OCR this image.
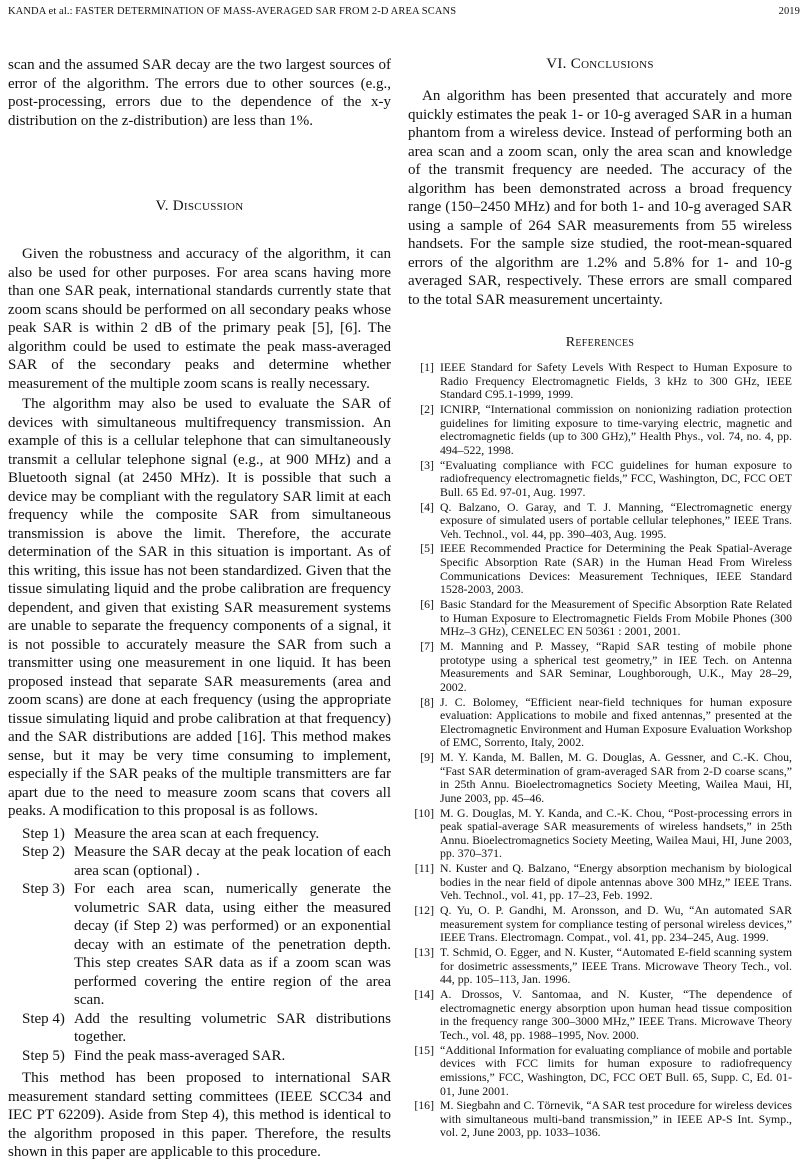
KANDA et al.: FASTER DETERMINATION OF MASS-AVERAGED SAR FROM 2-D AREA SCANS	2019

scan and the assumed SAR decay are the two largest sources of error of the algorithm. The errors due to other sources (e.g., post-processing, errors due to the dependence of the x-y distribution on the z-distribution) are less than 1%.

V. Discussion

Given the robustness and accuracy of the algorithm, it can also be used for other purposes. For area scans having more than one SAR peak, international standards currently state that zoom scans should be performed on all secondary peaks whose peak SAR is within 2 dB of the primary peak [5], [6]. The algorithm could be used to estimate the peak mass-averaged SAR of the secondary peaks and determine whether measurement of the multiple zoom scans is really necessary.

The algorithm may also be used to evaluate the SAR of devices with simultaneous multifrequency transmission. An example of this is a cellular telephone that can simultaneously transmit a cellular telephone signal (e.g., at 900 MHz) and a Bluetooth signal (at 2450 MHz). It is possible that such a device may be compliant with the regulatory SAR limit at each frequency while the composite SAR from simultaneous transmission is above the limit. Therefore, the accurate determination of the SAR in this situation is important. As of this writing, this issue has not been standardized. Given that the tissue simulating liquid and the probe calibration are frequency dependent, and given that existing SAR measurement systems are unable to separate the frequency components of a signal, it is not possible to accurately measure the SAR from such a transmitter using one measurement in one liquid. It has been proposed instead that separate SAR measurements (area and zoom scans) are done at each frequency (using the appropriate tissue simulating liquid and probe calibration at that frequency) and the SAR distributions are added [16]. This method makes sense, but it may be very time consuming to implement, especially if the SAR peaks of the multiple transmitters are far apart due to the need to measure zoom scans that covers all peaks. A modification to this proposal is as follows.

Step 1) Measure the area scan at each frequency.
Step 2) Measure the SAR decay at the peak location of each area scan (optional) .
Step 3) For each area scan, numerically generate the volumetric SAR data, using either the measured decay (if Step 2) was performed) or an exponential decay with an estimate of the penetration depth. This step creates SAR data as if a zoom scan was performed covering the entire region of the area scan.
Step 4) Add the resulting volumetric SAR distributions together.
Step 5) Find the peak mass-averaged SAR.

This method has been proposed to international SAR measurement standard setting committees (IEEE SCC34 and IEC PT 62209). Aside from Step 4), this method is identical to the algorithm proposed in this paper. Therefore, the results shown in this paper are applicable to this procedure.

VI. Conclusions

An algorithm has been presented that accurately and more quickly estimates the peak 1- or 10-g averaged SAR in a human phantom from a wireless device. Instead of performing both an area scan and a zoom scan, only the area scan and knowledge of the transmit frequency are needed. The accuracy of the algorithm has been demonstrated across a broad frequency range (150–2450 MHz) and for both 1- and 10-g averaged SAR using a sample of 264 SAR measurements from 55 wireless handsets. For the sample size studied, the root-mean-squared errors of the algorithm are 1.2% and 5.8% for 1- and 10-g averaged SAR, respectively. These errors are small compared to the total SAR measurement uncertainty.

References
[1] IEEE Standard for Safety Levels With Respect to Human Exposure to Radio Frequency Electromagnetic Fields, 3 kHz to 300 GHz, IEEE Standard C95.1-1999, 1999.
[2] ICNIRP, “International commission on nonionizing radiation protection guidelines for limiting exposure to time-varying electric, magnetic and electromagnetic fields (up to 300 GHz),” Health Phys., vol. 74, no. 4, pp. 494–522, 1998.
[3] “Evaluating compliance with FCC guidelines for human exposure to radiofrequency electromagnetic fields,” FCC, Washington, DC, FCC OET Bull. 65 Ed. 97-01, Aug. 1997.
[4] Q. Balzano, O. Garay, and T. J. Manning, “Electromagnetic energy exposure of simulated users of portable cellular telephones,” IEEE Trans. Veh. Technol., vol. 44, pp. 390–403, Aug. 1995.
[5] IEEE Recommended Practice for Determining the Peak Spatial-Average Specific Absorption Rate (SAR) in the Human Head From Wireless Communications Devices: Measurement Techniques, IEEE Standard 1528-2003, 2003.
[6] Basic Standard for the Measurement of Specific Absorption Rate Related to Human Exposure to Electromagnetic Fields From Mobile Phones (300 MHz–3 GHz), CENELEC EN 50361 : 2001, 2001.
[7] M. Manning and P. Massey, “Rapid SAR testing of mobile phone prototype using a spherical test geometry,” in IEE Tech. on Antenna Measurements and SAR Seminar, Loughborough, U.K., May 28–29, 2002.
[8] J. C. Bolomey, “Efficient near-field techniques for human exposure evaluation: Applications to mobile and fixed antennas,” presented at the Electromagnetic Environment and Human Exposure Evaluation Workshop of EMC, Sorrento, Italy, 2002.
[9] M. Y. Kanda, M. Ballen, M. G. Douglas, A. Gessner, and C.-K. Chou, “Fast SAR determination of gram-averaged SAR from 2-D coarse scans,” in 25th Annu. Bioelectromagnetics Society Meeting, Wailea Maui, HI, June 2003, pp. 45–46.
[10] M. G. Douglas, M. Y. Kanda, and C.-K. Chou, “Post-processing errors in peak spatial-average SAR measurements of wireless handsets,” in 25th Annu. Bioelectromagnetics Society Meeting, Wailea Maui, HI, June 2003, pp. 370–371.
[11] N. Kuster and Q. Balzano, “Energy absorption mechanism by biological bodies in the near field of dipole antennas above 300 MHz,” IEEE Trans. Veh. Technol., vol. 41, pp. 17–23, Feb. 1992.
[12] Q. Yu, O. P. Gandhi, M. Aronsson, and D. Wu, “An automated SAR measurement system for compliance testing of personal wireless devices,” IEEE Trans. Electromagn. Compat., vol. 41, pp. 234–245, Aug. 1999.
[13] T. Schmid, O. Egger, and N. Kuster, “Automated E-field scanning system for dosimetric assessments,” IEEE Trans. Microwave Theory Tech., vol. 44, pp. 105–113, Jan. 1996.
[14] A. Drossos, V. Santomaa, and N. Kuster, “The dependence of electromagnetic energy absorption upon human head tissue composition in the frequency range 300–3000 MHz,” IEEE Trans. Microwave Theory Tech., vol. 48, pp. 1988–1995, Nov. 2000.
[15] “Additional Information for evaluating compliance of mobile and portable devices with FCC limits for human exposure to radiofrequency emissions,” FCC, Washington, DC, FCC OET Bull. 65, Supp. C, Ed. 01-01, June 2001.
[16] M. Siegbahn and C. Törnevik, “A SAR test procedure for wireless devices with simultaneous multi-band transmission,” in IEEE AP-S Int. Symp., vol. 2, June 2003, pp. 1033–1036.
